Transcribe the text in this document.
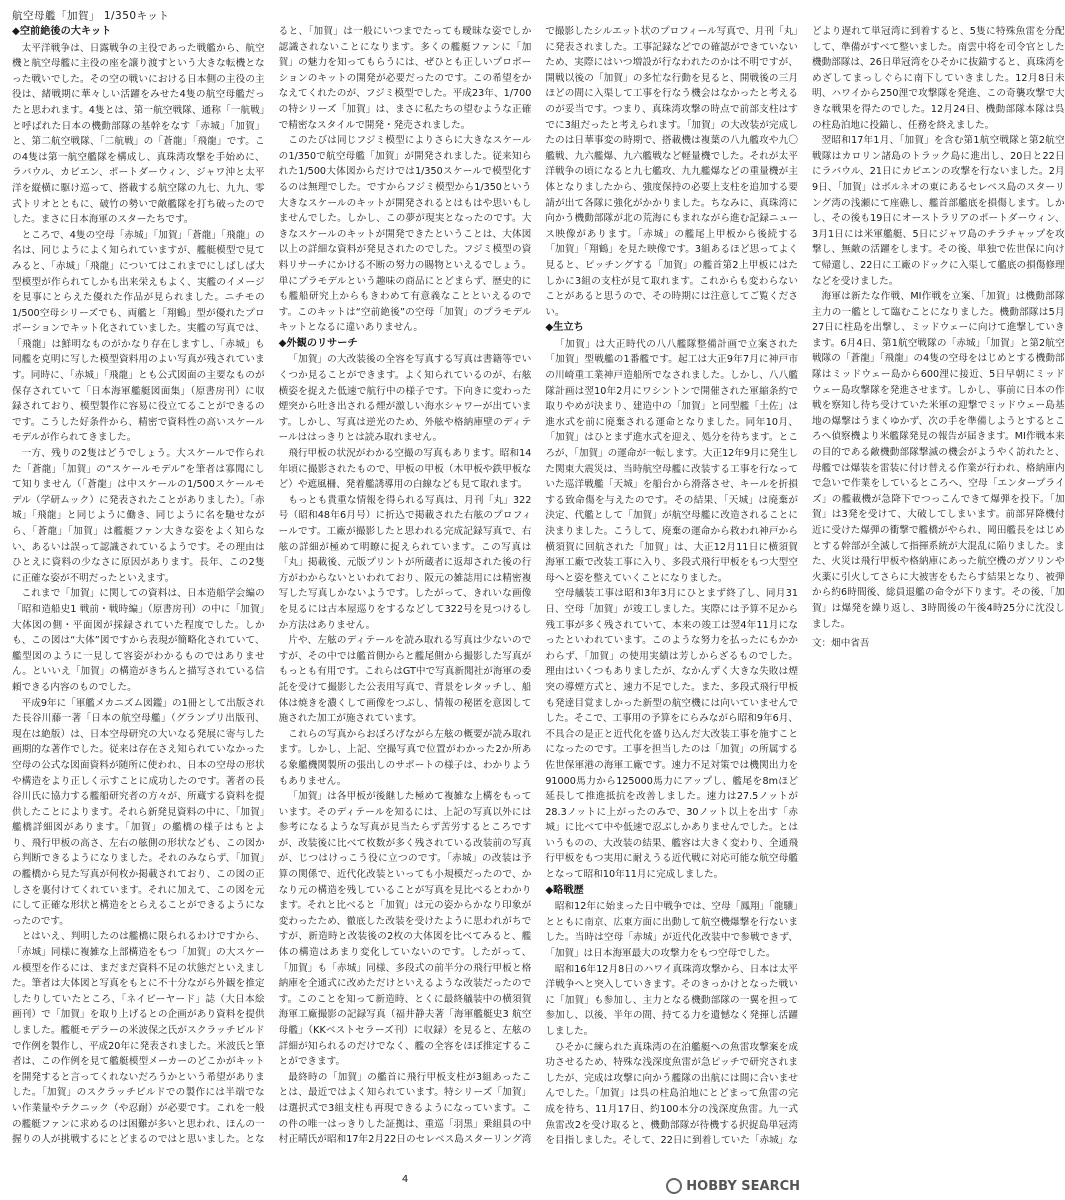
航空母艦「加賀」 1/350キット
◆空前絶後の大キット

太平洋戦争は、日露戦争の主役であった戦艦から、航空機と航空母艦に主役の座を譲り渡すという大きな転機となった戦いでした。その空の戦いにおける日本側の主役の主役は、緒戦期に華々しい活躍をみせた4隻の航空母艦だったと思われます。4隻とは、第一航空戦隊、通称「一航戦」と呼ばれた日本の機動部隊の基幹をなす「赤城」「加賀」と、第二航空戦隊、「二航戦」の「蒼龍」「飛龍」です。この4隻は第一航空艦隊を構成し、真珠湾攻撃を手始めに、ラバウル、カビエン、ポートダーウィン、ジャワ沖と太平洋を縦横に駆け巡って、搭載する航空隊の九七、九九、零式トリオとともに、破竹の勢いで敵艦隊を打ち破ったのでした。まさに日本海軍のスターたちです。

ところで、4隻の空母「赤城」「加賀」「蒼龍」「飛龍」の名は、同じようによく知られていますが、艦艇模型で見てみると、「赤城」「飛龍」についてはこれまでにしばしば大型模型が作られてしかも出来栄えもよく、実艦のイメージを見事にとらえた優れた作品が見られました。ニチモの1/500空母シリーズでも、両艦と「翔鶴」型が優れたプロポーションでキット化されていました。実艦の写真では、「飛龍」は鮮明なものがかなり存在しますし、「赤城」も同艦を克明に写した模型資料用のよい写真が残されています。同時に、「赤城」「飛龍」とも公式図面の主要なものが保存されていて「日本海軍艦艇図面集」（原書房刊）に収録されており、模型製作に容易に役立てることができるのです。こうした好条件から、精密で資料性の高いスケールモデルが作られてきました。

一方、残りの2隻はどうでしょう。大スケールで作られた「蒼龍」「加賀」の“スケールモデル”を筆者は寡聞にして知りません（「蒼龍」は中スケールの1/500スケールモデル（学研ムック）に発表されたことがありました）。「赤城」「飛龍」と同じように働き、同じように名を馳せながら、「蒼龍」「加賀」は艦艇ファン大きな姿をよく知らない、あるいは誤って認識されているようです。その理由はひとえに資料の少なさに原因があります。長年、この2隻に正確な姿が不明だったといえます。

これまで「加賀」に関しての資料は、日本造船学会編の「昭和造船史1 戦前・戦時編」（原書房刊）の中に「加賀」大体図の側・平面図が採録されていた程度でした。しかも、この図は“大体”図ですから表現が簡略化されていて、艦型図のように一見して容姿がわかるものではありません。といいえ「加賀」の構造がきちんと描写されている信頼できる内容のものでした。

平成9年に「軍艦メカニズム図鑑」の1冊として出版された長谷川藤一著「日本の航空母艦」（グランプリ出版刊、現在は絶版）は、日本空母研究の大いなる発展に寄与した画期的な著作でした。従来は存在さえ知られていなかった空母の公式な図面資料が随所に使われ、日本の空母の形状や構造をより正しく示すことに成功したのです。著者の長谷川氏に協力する艦船研究者の方々が、所蔵する資料を提供したことによります。それら新発見資料の中に、「加賀」艦橋詳細図があります。「加賀」の艦橋の様子はもとより、飛行甲板の高さ、左右の舷側の形状なども、この図から判断できるようになりました。それのみならず、「加賀」の艦橋から見た写真が何枚か掲載されており、この図の正しさを裏付けてくれています。それに加えて、この図を元にして正確な形状と構造をとらえることができるようになったのです。

とはいえ、判明したのは艦橋に限られるわけですから、「赤城」同様に複雑な上部構造をもつ「加賀」の大スケール模型を作るには、まだまだ資料不足の状態だといえました。筆者は大体図と写真をもとに不十分ながら外観を推定したりしていたところ、「ネイビーヤード」誌（大日本絵画刊）で「加賀」を取り上げるとの企画があり資料を提供しました。艦艇モデラーの米波保之氏がスクラッチビルドで作例を製作し、平成20年に発表されました。米波氏と筆者は、この作例を見て艦艇模型メーカーのどこかがキットを開発すると言ってくれないだろうかという希望がありました。「加賀」のスクラッチビルドでの製作には半端でない作業量やテクニック（や忍耐）が必要です。これを一般の艦艇ファンに求めるのは困難が多いと思われ、ほんの一握りの人が挑戦するにとどまるのではと思いました。となると、「加賀」は一般にいつまでたっても曖昧な姿でしか認識されないことになります。多くの艦艇ファンに「加賀」の魅力を知ってもらうには、ぜひとも正しいプロポーションのキットの開発が必要だったのです。この希望をかなえてくれたのが、フジミ模型でした。平成23年、1/700の特シリーズ「加賀」は、まさに私たちの望むような正確で精密なスタイルで開発・発売されました。

このたびは同じフジミ模型によりさらに大きなスケールの1/350で航空母艦「加賀」が開発されました。従来知られた1/500大体図からだけでは1/350スケールで模型化するのは無理でした。ですからフジミ模型から1/350という大きなスケールのキットが開発されるとはもはや思いもしませんでした。しかし、この夢が現実となったのです。大きなスケールのキットが開発できたということは、大体図以上の詳細な資料が発見されたのでした。フジミ模型の資料リサーチにかける不断の努力の賜物といえるでしょう。単にプラモデルという趣味の商品にとどまらず、歴史的にも艦船研究上からもきわめて有意義なことといえるのです。このキットは“空前絶後”の空母「加賀」のプラモデルキットとなるに違いありません。

◆外観のリサーチ

「加賀」の大改装後の全容を写真する写真は書籍等でいくつか見ることができます。よく知られているのが、右舷横姿を捉えた低速で航行中の様子です。下向きに変わった煙突から吐き出される煙が激しい海水シャワーが出ています。しかし、写真は逆光のため、外舷や格納庫壁のディテールははっきりとは読み取れません。

飛行甲板の状況がわかる空撮の写真もあります。昭和14年頃に撮影されたもので、甲板の甲板（木甲板や鉄甲板など）や遮風柵、発着艦誘導用の白線なども見て取れます。

もっとも貴重な情報を得られる写真は、月刊「丸」322号（昭和48年6月号）に折込で掲載された右舷のプロフィールです。工廠が撮影したと思われる完成記録写真で、右舷の詳細が極めて明瞭に捉えられています。この写真は「丸」掲載後、元版プリントが所蔵者に返却された後の行方がわからないといわれており、阪元の雑誌用には精密複写した写真しかないようです。したがって、きれいな画像を見るには古本屋巡りをするなどして322号を見つけるしか方法はありません。

片や、左舷のディテールを読み取れる写真は少ないのですが、その中では艦首側からと艦尾側から撮影した写真がもっとも有用です。これらはGT中で写真新聞社が海軍の委託を受けて撮影した公表用写真で、背景をレタッチし、船体は焼きを濃くして画像をつぶし、情報の秘匿を意図して施された加工が施されています。

これらの写真からおぼろげながら左舷の概要が読み取れます。しかし、上記、空撮写真で位置がわかった2か所ある象艦機関製所の張出しのサポートの様子は、わかりようもありません。

「加賀」は各甲板が後継した極めて複雑な上構をもっています。そのディテールを知るには、上記の写真以外には参考になるような写真が見当たらず苦労するところですが、改装後に比べて枚数が多く残されている改装前の写真が、じつはけっこう役に立つのです。「赤城」の改装は予算の関係で、近代化改装といっても小規模だったので、かなり元の構造を残していることが写真を見比べるとわかります。それと比べると「加賀」は元の姿からかなり印象が変わったため、徹底した改装を受けたように思われがちですが、新造時と改装後の2枚の大体図を比べてみると、艦体の構造はあまり変化していないのです。したがって、「加賀」も「赤城」同様、多段式の前半分の飛行甲板と格納庫を全通式に改めただけといえるような改装だったのです。このことを知って新造時、とくに最終艤装中の横須賀海軍工廠撮影の記録写真（福井静夫著「海軍艦艇史3 航空母艦」（KKベストセラーズ刊）に収録）を見ると、左舷の詳細が知られるのだけでなく、艦の全容をほぼ推定することができます。

最終時の「加賀」の艦首に飛行甲板支柱が3組あったことは、最近ではよく知られています。特シリーズ「加賀」は選択式で3組支柱も再現できるようになっています。この件の唯一はっきりした証拠は、重巡「羽黒」乗組員の中村正晴氏が昭和17年2月22日のセレベス島スターリング湾で撮影したシルエット状のプロフィール写真で、月刊「丸」に発表されました。工事記録などでの確認ができていないため、実際にはいつ増設が行なわれたのかは不明ですが、開戦以後の「加賀」の多忙な行動を見ると、開戦後の三月ほどの間に入渠して工事を行なう機会はなかったと考えるのが妥当です。つまり、真珠湾攻撃の時点で前部支柱はすでに3組だったと考えられます。「加賀」の大改装が完成したのは日華事変の時期で、搭載機は複葉の八九艦攻や九〇艦戦、九六艦爆、九六艦戦など軽量機でした。それが太平洋戦争の頃になると九七艦攻、九九艦爆などの重量機が主体となりましたから、強度保持の必要上支柱を追加する要請が出て各隊に強化がかかりました。ちなみに、真珠湾に向かう機動部隊が北の荒海にもまれながら進む記録ニュース映像があります。「赤城」の艦尾上甲板から後続する「加賀」「翔鶴」を見た映像です。3組あるほど思ってよく見ると、ピッチングする「加賀」の艦首第2上甲板にはたしかに3組の支柱が見て取れます。これからも変わらないことがあると思うので、その時期には注意してご覧ください。

◆生立ち

「加賀」は大正時代の八八艦隊整備計画で立案された「加賀」型戦艦の1番艦です。起工は大正9年7月に神戸市の川崎重工業神戸造船所でなされました。しかし、八八艦隊計画は翌10年2月にワシントンで開催された軍縮条約で取りやめが決まり、建造中の「加賀」と同型艦「土佐」は進水式を前に廃棄される運命となりました。同年10月、「加賀」はひとまず進水式を迎え、処分を待ちます。ところが、「加賀」の運命が一転します。大正12年9月に発生した関東大震災は、当時航空母艦に改装する工事を行なっていた巡洋戦艦「天城」を船台から滑落させ、キールを折損する致命傷を与えたのです。その結果、「天城」は廃棄が決定、代艦として「加賀」が航空母艦に改造されることに決まりました。こうして、廃棄の運命から救われ神戸から横須賀に回航された「加賀」は、大正12月11日に横須賀海軍工廠で改装工事に入り、多段式飛行甲板をもつ大型空母へと姿を整えていくことになりました。

空母艤装工事は昭和3年3月にひとまず終了し、同月31日、空母「加賀」が竣工しました。実際には予算不足から残工事が多く残されていて、本来の竣工は翌4年11月になったといわれています。このような努力を払ったにもかかわらず、「加賀」の使用実績は芳しからざるものでした。理由はいくつもありましたが、なかんずく大きな失敗は煙突の導煙方式と、速力不足でした。また、多段式飛行甲板も発達目覚ましかった新型の航空機には向いていませんでした。そこで、工事用の予算をにらみながら昭和9年6月、不具合の是正と近代化を盛り込んだ大改装工事を施すことになったのです。工事を担当したのは「加賀」の所属する佐世保軍港の海軍工廠です。速力不足対策では機関出力を91000馬力から125000馬力にアップし、艦尾を8mほど延長して推進抵抗を改善しました。速力は27.5ノットが28.3ノットに上がったのみで、30ノット以上を出す「赤城」に比べて中や低速で忍ぶしかありませんでした。とはいうものの、大改装の結果、艦容は大きく変わり、全通飛行甲板をもつ実用に耐えうる近代戦に対応可能な航空母艦となって昭和10年11月に完成しました。

◆略戦歴

昭和12年に始まった日中戦争では、空母「鳳翔」「龍驤」とともに南京、広東方面に出動して航空機爆撃を行ないました。当時は空母「赤城」が近代化改装中で参戦できず、「加賀」は日本海軍最大の攻撃力をもつ空母でした。

昭和16年12月8日のハワイ真珠湾攻撃から、日本は太平洋戦争へと突入していきます。そのきっかけとなった戦いに「加賀」も参加し、主力となる機動部隊の一翼を担って参加し、以後、半年の間、持てる力を遺憾なく発揮し活躍しました。

ひそかに練られた真珠湾の在泊艦艇への魚雷攻撃案を成功させるため、特殊な浅深度魚雷が急ピッチで研究されましたが、完成は攻撃に向かう艦隊の出航には間に合いませんでした。「加賀」は呉の柱島泊地にとどまって魚雷の完成を待ち、11月17日、約100本分の浅深度魚雷。九一式魚雷改2を受け取ると、機動部隊が待機する択捉島単冠湾を目指しました。そして、22日に到着していた「赤城」などより遅れて単冠湾に到着すると、5隻に特殊魚雷を分配して、準備がすべて整いました。南雲中将を司令官とした機動部隊は、26日単冠湾をひそかに抜錨すると、真珠湾をめざしてまっしぐらに南下していきました。12月8日未明、ハワイから250浬で攻撃隊を発進、この奇襲攻撃で大きな戦果を得たのでした。12月24日、機動部隊本隊は呉の柱島泊地に投錨し、任務を終えました。

翌昭和17年1月、「加賀」を含む第1航空戦隊と第2航空戦隊はカロリン諸島のトラック島に進出し、20日と22日にラバウル、21日にカビエンの攻撃を行ないました。2月9日、「加賀」はボルネオの東にあるセレベス島のスターリング湾の浅瀬にて座礁し、艦首部艦底を損傷します。しかし、その後も19日にオーストラリアのポートダーウィン、3月1日には米軍艦艇、5日にジャワ島のチラチャップを攻撃し、無敵の活躍をします。その後、単独で佐世保に向けて帰還し、22日に工廠のドックに入渠して艦底の損傷修理などを受けました。

海軍は新たな作戦、MI作戦を立案、「加賀」は機動部隊主力の一艦として臨むことになりました。機動部隊は5月27日に柱島を出撃し、ミッドウェーに向けて進撃していきます。6月4日、第1航空戦隊の「赤城」「加賀」と第2航空戦隊の「蒼龍」「飛龍」の4隻の空母をはじめとする機動部隊はミッドウェー島から600浬に接近、5日早朝にミッドウェー島攻撃隊を発進させます。しかし、事前に日本の作戦を察知し待ち受けていた米軍の迎撃でミッドウェー島基地の爆撃はうまくゆかず、次の手を準備しようとするところへ偵察機より米艦隊発見の報告が届きます。MI作戦本来の目的である敵機動部隊撃滅の機会がようやく訪れたと、母艦では爆装を雷装に付け替える作業が行われ、格納庫内で急いで作業をしているところへ、空母「エンタープライズ」の艦載機が急降下でつっこんできて爆弾を投下。「加賀」は3発を受けて、大破してしまいます。前部昇降機付近に受けた爆弾の衝撃で艦橋がやられ、岡田艦長をはじめとする幹部が全滅して指揮系統が大混乱に陥りました。また、火災は飛行甲板や格納庫にあった航空機のガソリンや火薬に引火してさらに大被害をもたらす結果となり、被弾から約6時間後、総員退艦の命令が下ります。その後、「加賀」は爆発を繰り返し、3時間後の午後4時25分に沈没しました。

文：畑中省吾
4	HOBBY SEARCH
